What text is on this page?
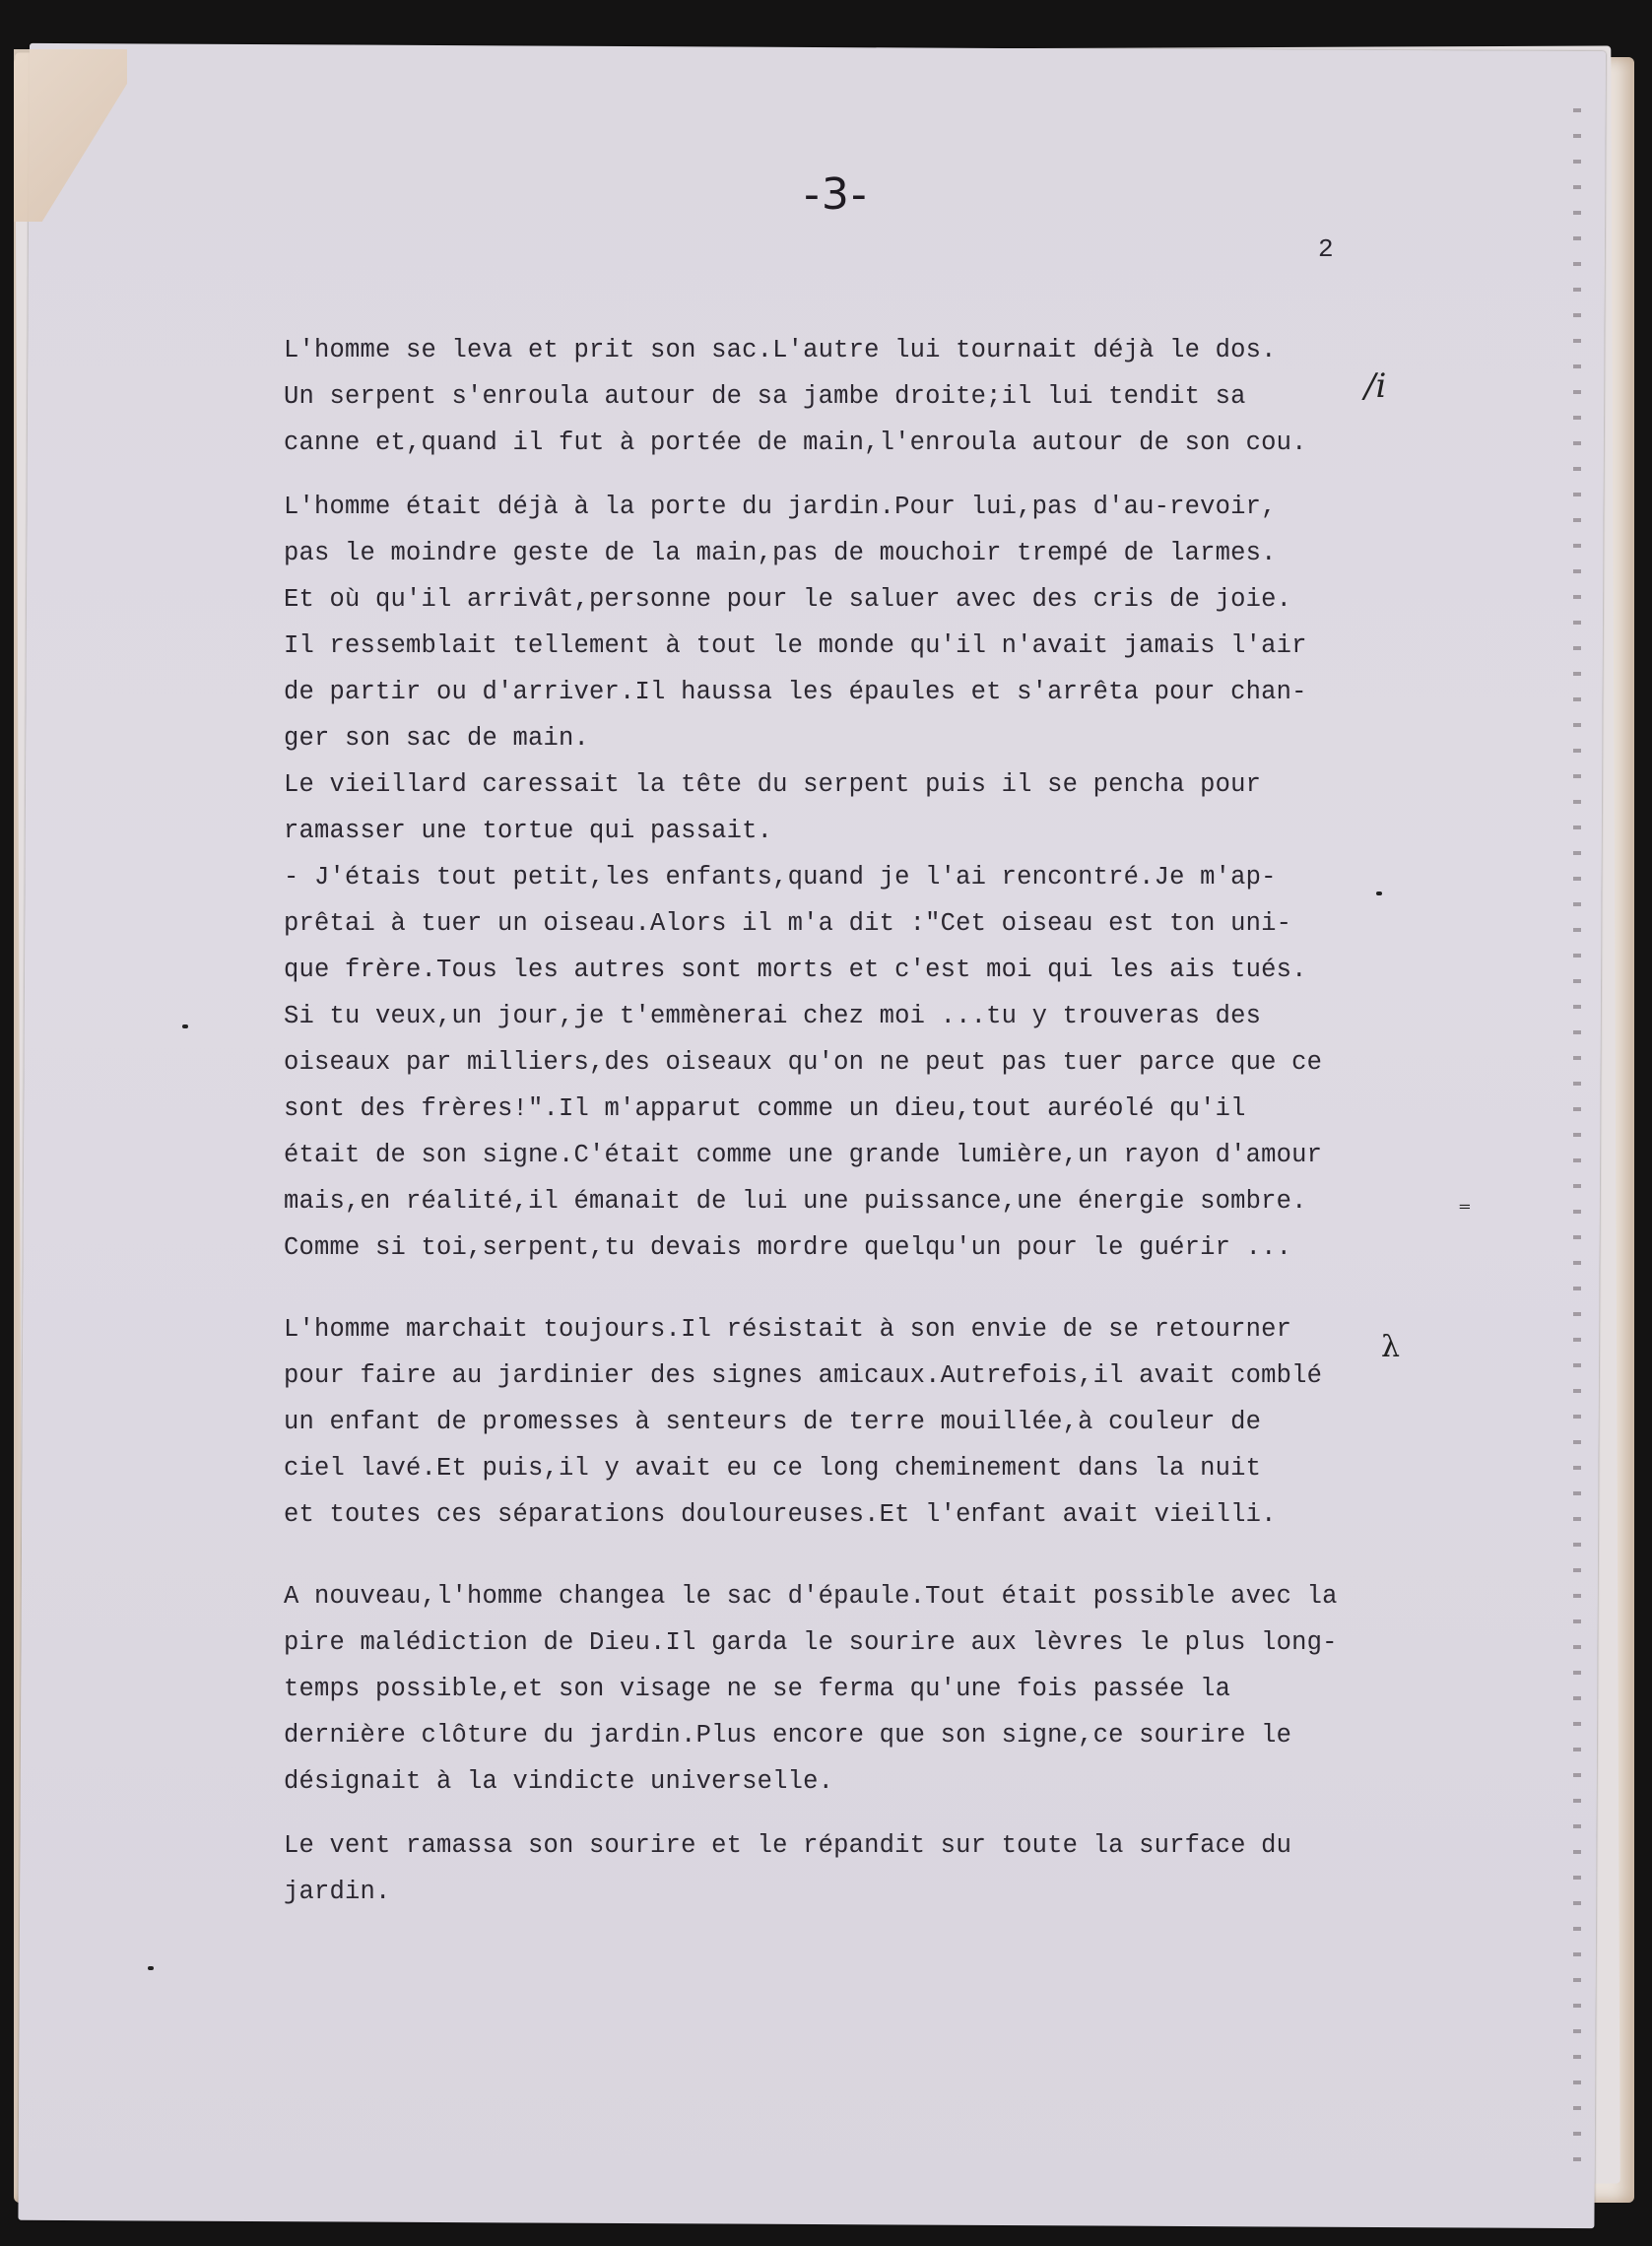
-3-
2
L'homme se leva et prit son sac.L'autre lui tournait déjà le dos.
Un serpent s'enroula autour de sa jambe droite;il lui tendit sa
canne et,quand il fut à portée de main,l'enroula autour de son cou.
L'homme était déjà à la porte du jardin.Pour lui,pas d'au-revoir,
pas le moindre geste de la main,pas de mouchoir trempé de larmes.
Et où qu'il arrivât,personne pour le saluer avec des cris de joie.
Il ressemblait tellement à tout le monde qu'il n'avait jamais l'air
de partir ou d'arriver.Il haussa les épaules et s'arrêta pour chan-
ger son sac de main.
Le vieillard caressait la tête du serpent puis il se pencha pour
ramasser une tortue qui passait.
- J'étais tout petit,les enfants,quand je l'ai rencontré.Je m'ap-
prêtai à tuer un oiseau.Alors il m'a dit :"Cet oiseau est ton uni-
que frère.Tous les autres sont morts et c'est moi qui les ais tués.
Si tu veux,un jour,je t'emmènerai chez moi ...tu y trouveras des
oiseaux par milliers,des oiseaux qu'on ne peut pas tuer parce que ce
sont des frères!".Il m'apparut comme un dieu,tout auréolé qu'il
était de son signe.C'était comme une grande lumière,un rayon d'amour
mais,en réalité,il émanait de lui une puissance,une énergie sombre.
Comme si toi,serpent,tu devais mordre quelqu'un pour le guérir ...
L'homme marchait toujours.Il résistait à son envie de se retourner
pour faire au jardinier des signes amicaux.Autrefois,il avait comblé
un enfant de promesses à senteurs de terre mouillée,à couleur de
ciel lavé.Et puis,il y avait eu ce long cheminement dans la nuit
et toutes ces séparations douloureuses.Et l'enfant avait vieilli.
A nouveau,l'homme changea le sac d'épaule.Tout était possible avec la
pire malédiction de Dieu.Il garda le sourire aux lèvres le plus long-
temps possible,et son visage ne se ferma qu'une fois passée la
dernière clôture du jardin.Plus encore que son signe,ce sourire le
désignait à la vindicte universelle.
Le vent ramassa son sourire et le répandit sur toute la surface du
jardin.
/i
λ
⁼
